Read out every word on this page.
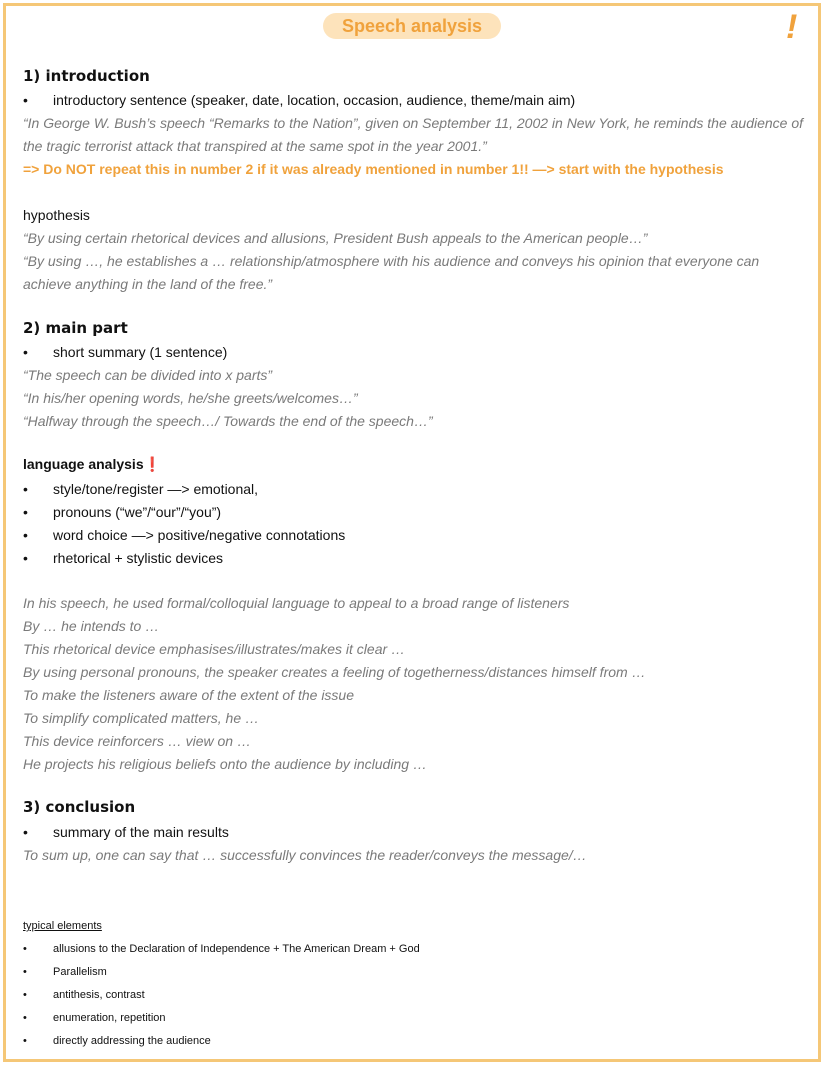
Speech analysis	!
1) introduction
• introductory sentence (speaker, date, location, occasion, audience, theme/main aim)
“In George W. Bush’s speech “Remarks to the Nation”, given on September 11, 2002 in New York, he reminds the audience of
the tragic terrorist attack that transpired at the same spot in the year 2001.”
=> Do NOT repeat this in number 2 if it was already mentioned in number 1!! —> start with the hypothesis
hypothesis
“By using certain rhetorical devices and allusions, President Bush appeals to the American people…”
“By using …, he establishes a … relationship/atmosphere with his audience and conveys his opinion that everyone can
achieve anything in the land of the free.”
2) main part
• short summary (1 sentence)
“The speech can be divided into x parts”
“In his/her opening words, he/she greets/welcomes…”
“Halfway through the speech…/ Towards the end of the speech…”
language analysis❗
• style/tone/register —> emotional,
• pronouns (“we”/“our”/“you”)
• word choice —> positive/negative connotations
• rhetorical + stylistic devices
In his speech, he used formal/colloquial language to appeal to a broad range of listeners
By … he intends to …
This rhetorical device emphasises/illustrates/makes it clear …
By using personal pronouns, the speaker creates a feeling of togetherness/distances himself from …
To make the listeners aware of the extent of the issue
To simplify complicated matters, he …
This device reinforcers … view on …
He projects his religious beliefs onto the audience by including …
3) conclusion
• summary of the main results
To sum up, one can say that … successfully convinces the reader/conveys the message/…
typical elements
• allusions to the Declaration of Independence + The American Dream + God
• Parallelism
• antithesis, contrast
• enumeration, repetition
• directly addressing the audience
